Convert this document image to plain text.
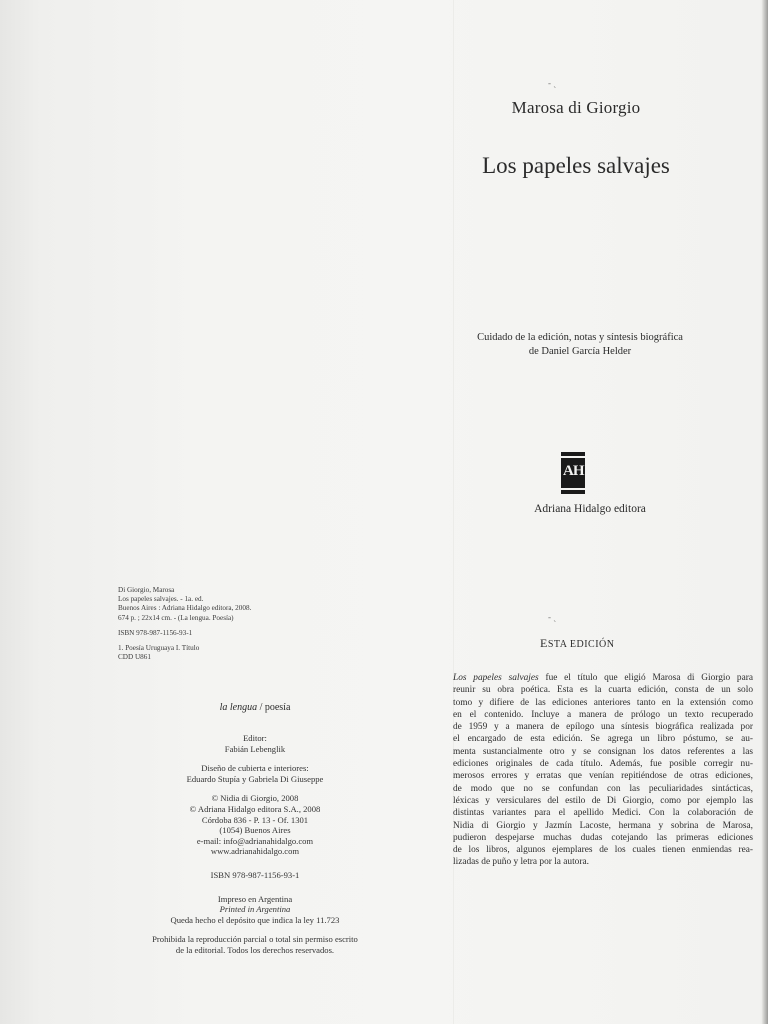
- ˎ
Marosa di Giorgio
Los papeles salvajes
Cuidado de la edición, notas y síntesis biográfica
de Daniel García Helder
AH
Adriana Hidalgo editora
Di Giorgio, Marosa
Los papeles salvajes. - 1a. ed.
Buenos Aires : Adriana Hidalgo editora, 2008.
674 p. ; 22x14 cm. - (La lengua. Poesía)
ISBN 978-987-1156-93-1
1. Poesía Uruguaya I. Título
CDD U861
la lengua / poesía
Editor:
Fabián Lebenglik
Diseño de cubierta e interiores:
Eduardo Stupía y Gabriela Di Giuseppe
© Nidia di Giorgio, 2008
© Adriana Hidalgo editora S.A., 2008
Córdoba 836 - P. 13 - Of. 1301
(1054) Buenos Aires
e-mail: info@adrianahidalgo.com
www.adrianahidalgo.com
ISBN 978-987-1156-93-1
Impreso en Argentina
Printed in Argentina
Queda hecho el depósito que indica la ley 11.723
Prohibida la reproducción parcial o total sin permiso escrito
de la editorial. Todos los derechos reservados.
- ˎ
ESTA EDICIÓN
Los papeles salvajes fue el título que eligió Marosa di Giorgio para
reunir su obra poética. Esta es la cuarta edición, consta de un solo
tomo y difiere de las ediciones anteriores tanto en la extensión como
en el contenido. Incluye a manera de prólogo un texto recuperado
de 1959 y a manera de epílogo una síntesis biográfica realizada por
el encargado de esta edición. Se agrega un libro póstumo, se au-
menta sustancialmente otro y se consignan los datos referentes a las
ediciones originales de cada título. Además, fue posible corregir nu-
merosos errores y erratas que venían repitiéndose de otras ediciones,
de modo que no se confundan con las peculiaridades sintácticas,
léxicas y versiculares del estilo de Di Giorgio, como por ejemplo las
distintas variantes para el apellido Medici. Con la colaboración de
Nidia di Giorgio y Jazmín Lacoste, hermana y sobrina de Marosa,
pudieron despejarse muchas dudas cotejando las primeras ediciones
de los libros, algunos ejemplares de los cuales tienen enmiendas rea-
lizadas de puño y letra por la autora.
